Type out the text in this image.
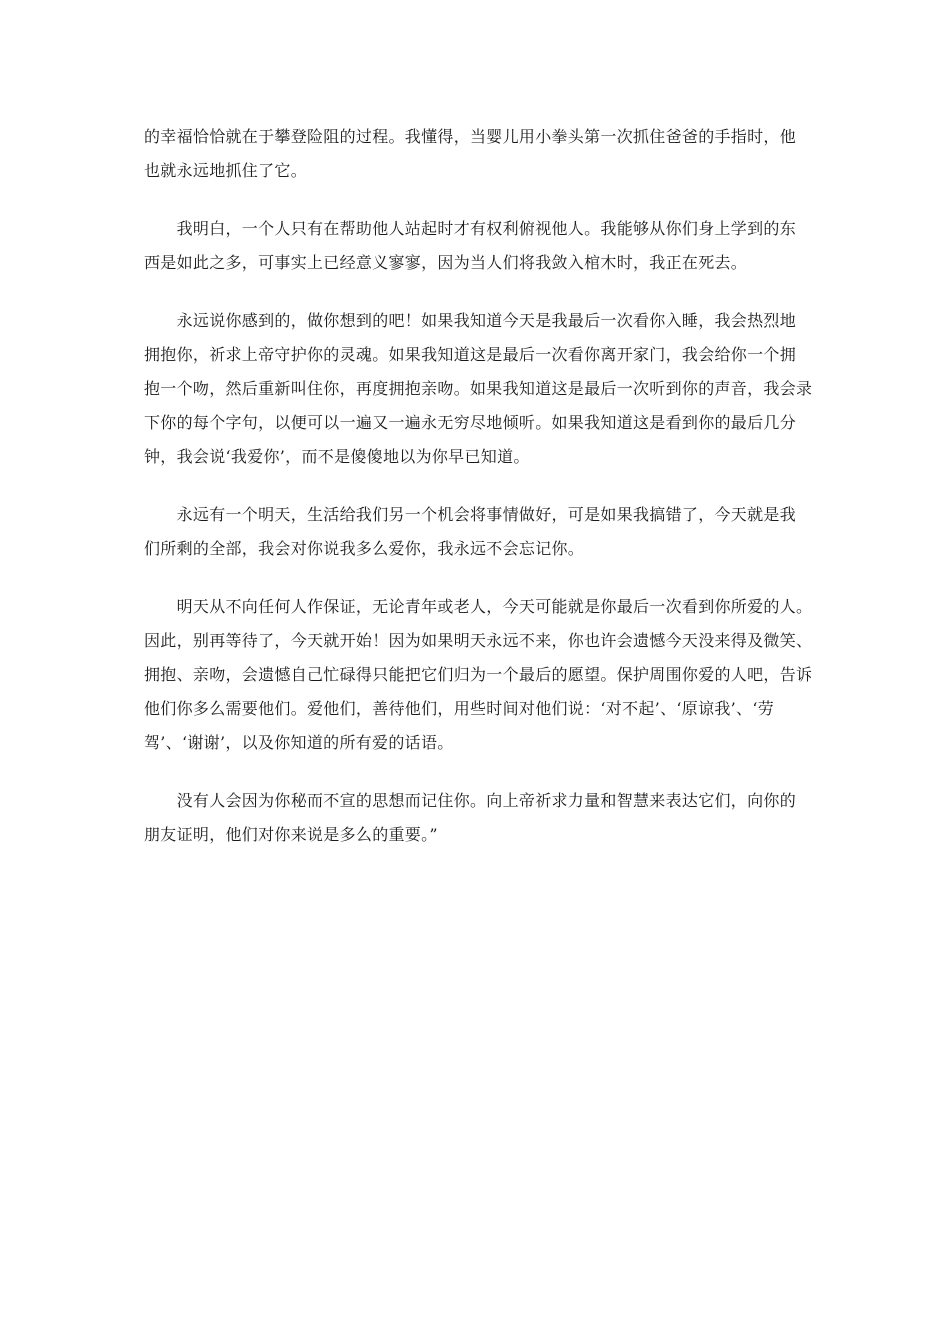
的幸福恰恰就在于攀登险阻的过程。我懂得，当婴儿用小拳头第一次抓住爸爸的手指时，他
也就永远地抓住了它。
　　我明白，一个人只有在帮助他人站起时才有权利俯视他人。我能够从你们身上学到的东
西是如此之多，可事实上已经意义寥寥，因为当人们将我敛入棺木时，我正在死去。
　　永远说你感到的，做你想到的吧！如果我知道今天是我最后一次看你入睡，我会热烈地
拥抱你，祈求上帝守护你的灵魂。如果我知道这是最后一次看你离开家门，我会给你一个拥
抱一个吻，然后重新叫住你，再度拥抱亲吻。如果我知道这是最后一次听到你的声音，我会录
下你的每个字句，以便可以一遍又一遍永无穷尽地倾听。如果我知道这是看到你的最后几分
钟，我会说‘我爱你’，而不是傻傻地以为你早已知道。
　　永远有一个明天，生活给我们另一个机会将事情做好，可是如果我搞错了，今天就是我
们所剩的全部，我会对你说我多么爱你，我永远不会忘记你。
　　明天从不向任何人作保证，无论青年或老人，今天可能就是你最后一次看到你所爱的人。
因此，别再等待了，今天就开始！因为如果明天永远不来，你也许会遗憾今天没来得及微笑、
拥抱、亲吻，会遗憾自己忙碌得只能把它们归为一个最后的愿望。保护周围你爱的人吧，告诉
他们你多么需要他们。爱他们，善待他们，用些时间对他们说：‘对不起’、‘原谅我’、‘劳
驾’、‘谢谢’，以及你知道的所有爱的话语。
　　没有人会因为你秘而不宣的思想而记住你。向上帝祈求力量和智慧来表达它们，向你的
朋友证明，他们对你来说是多么的重要。”
